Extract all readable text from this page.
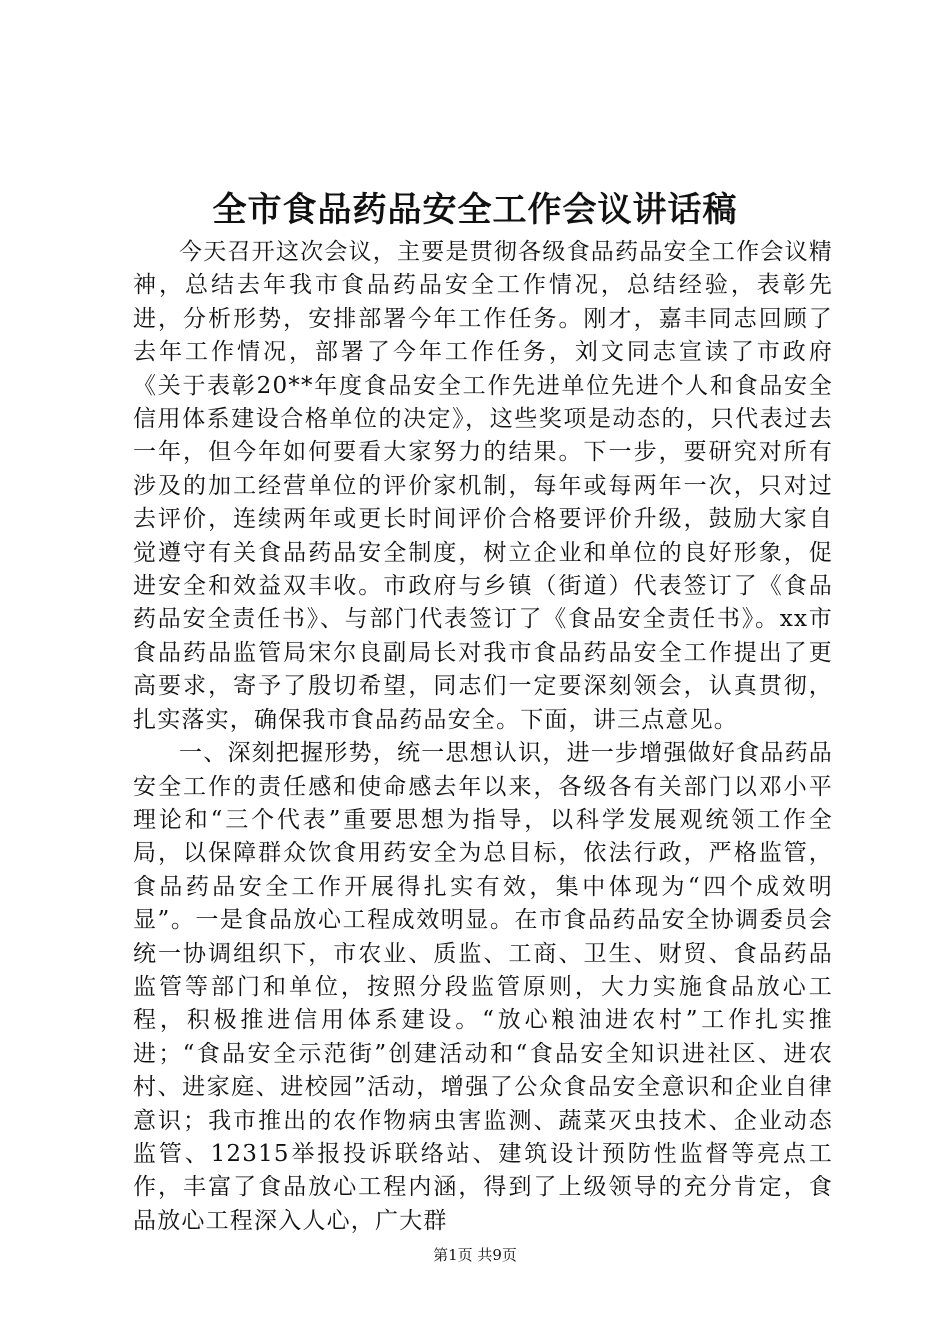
全市食品药品安全工作会议讲话稿

今天召开这次会议，主要是贯彻各级食品药品安全工作会议精神，总结去年我市食品药品安全工作情况，总结经验，表彰先进，分析形势，安排部署今年工作任务。刚才，嘉丰同志回顾了去年工作情况，部署了今年工作任务，刘文同志宣读了市政府《关于表彰20**年度食品安全工作先进单位先进个人和食品安全信用体系建设合格单位的决定》，这些奖项是动态的，只代表过去一年，但今年如何要看大家努力的结果。下一步，要研究对所有涉及的加工经营单位的评价家机制，每年或每两年一次，只对过去评价，连续两年或更长时间评价合格要评价升级，鼓励大家自觉遵守有关食品药品安全制度，树立企业和单位的良好形象，促进安全和效益双丰收。市政府与乡镇（街道）代表签订了《食品药品安全责任书》、与部门代表签订了《食品安全责任书》。xx市食品药品监管局宋尔良副局长对我市食品药品安全工作提出了更高要求，寄予了殷切希望，同志们一定要深刻领会，认真贯彻，扎实落实，确保我市食品药品安全。下面，讲三点意见。

一、深刻把握形势，统一思想认识，进一步增强做好食品药品安全工作的责任感和使命感去年以来，各级各有关部门以邓小平理论和“三个代表”重要思想为指导，以科学发展观统领工作全局，以保障群众饮食用药安全为总目标，依法行政，严格监管，食品药品安全工作开展得扎实有效，集中体现为“四个成效明显”。一是食品放心工程成效明显。在市食品药品安全协调委员会统一协调组织下，市农业、质监、工商、卫生、财贸、食品药品监管等部门和单位，按照分段监管原则，大力实施食品放心工程，积极推进信用体系建设。“放心粮油进农村”工作扎实推进；“食品安全示范街”创建活动和“食品安全知识进社区、进农村、进家庭、进校园”活动，增强了公众食品安全意识和企业自律意识；我市推出的农作物病虫害监测、蔬菜灭虫技术、企业动态监管、12315举报投诉联络站、建筑设计预防性监督等亮点工作，丰富了食品放心工程内涵，得到了上级领导的充分肯定，食品放心工程深入人心，广大群

第1页 共9页
